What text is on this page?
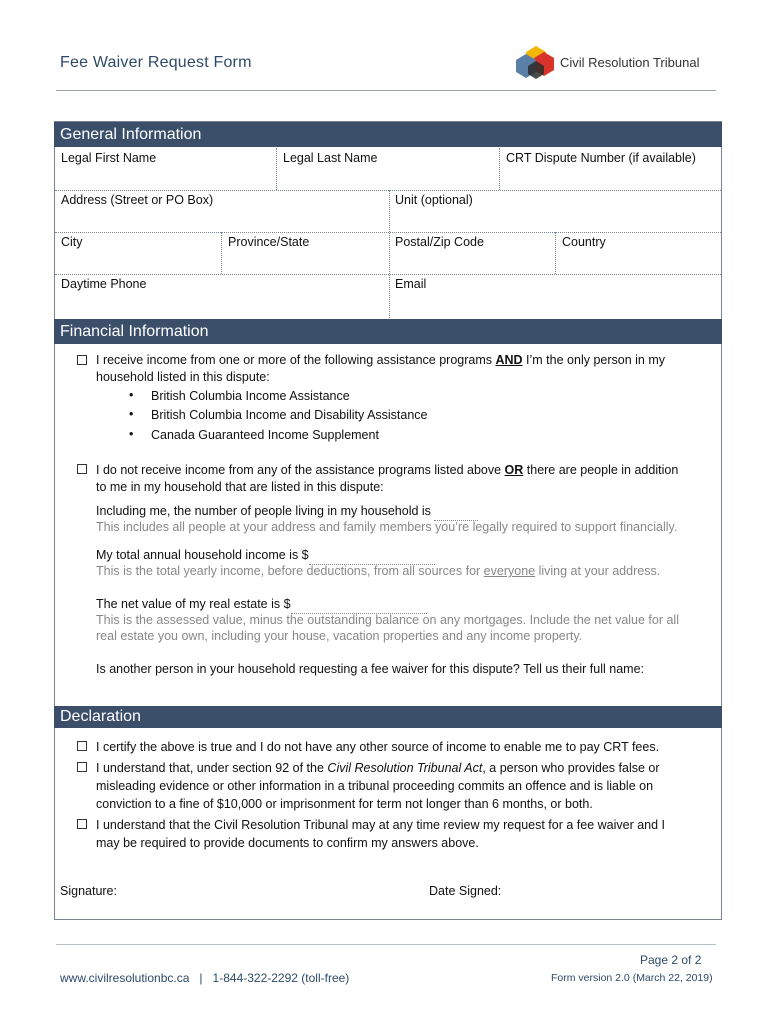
Fee Waiver Request Form	Civil Resolution Tribunal
General Information
Legal First Name	Legal Last Name	CRT Dispute Number (if available)
Address (Street or PO Box)	Unit (optional)
City	Province/State	Postal/Zip Code	Country
Daytime Phone	Email
Financial Information
I receive income from one or more of the following assistance programs AND I’m the only person in my
household listed in this dispute:
• British Columbia Income Assistance
• British Columbia Income and Disability Assistance
• Canada Guaranteed Income Supplement
I do not receive income from any of the assistance programs listed above OR there are people in addition
to me in my household that are listed in this dispute:
Including me, the number of people living in my household is
This includes all people at your address and family members you’re legally required to support financially.
My total annual household income is $
This is the total yearly income, before deductions, from all sources for everyone living at your address.
The net value of my real estate is $
This is the assessed value, minus the outstanding balance on any mortgages. Include the net value for all
real estate you own, including your house, vacation properties and any income property.
Is another person in your household requesting a fee waiver for this dispute? Tell us their full name:
Declaration
I certify the above is true and I do not have any other source of income to enable me to pay CRT fees.
I understand that, under section 92 of the Civil Resolution Tribunal Act, a person who provides false or
misleading evidence or other information in a tribunal proceeding commits an offence and is liable on
conviction to a fine of $10,000 or imprisonment for term not longer than 6 months, or both.
I understand that the Civil Resolution Tribunal may at any time review my request for a fee waiver and I
may be required to provide documents to confirm my answers above.
Signature:	Date Signed:
Page 2 of 2
www.civilresolutionbc.ca | 1-844-322-2292 (toll-free)	Form version 2.0 (March 22, 2019)
